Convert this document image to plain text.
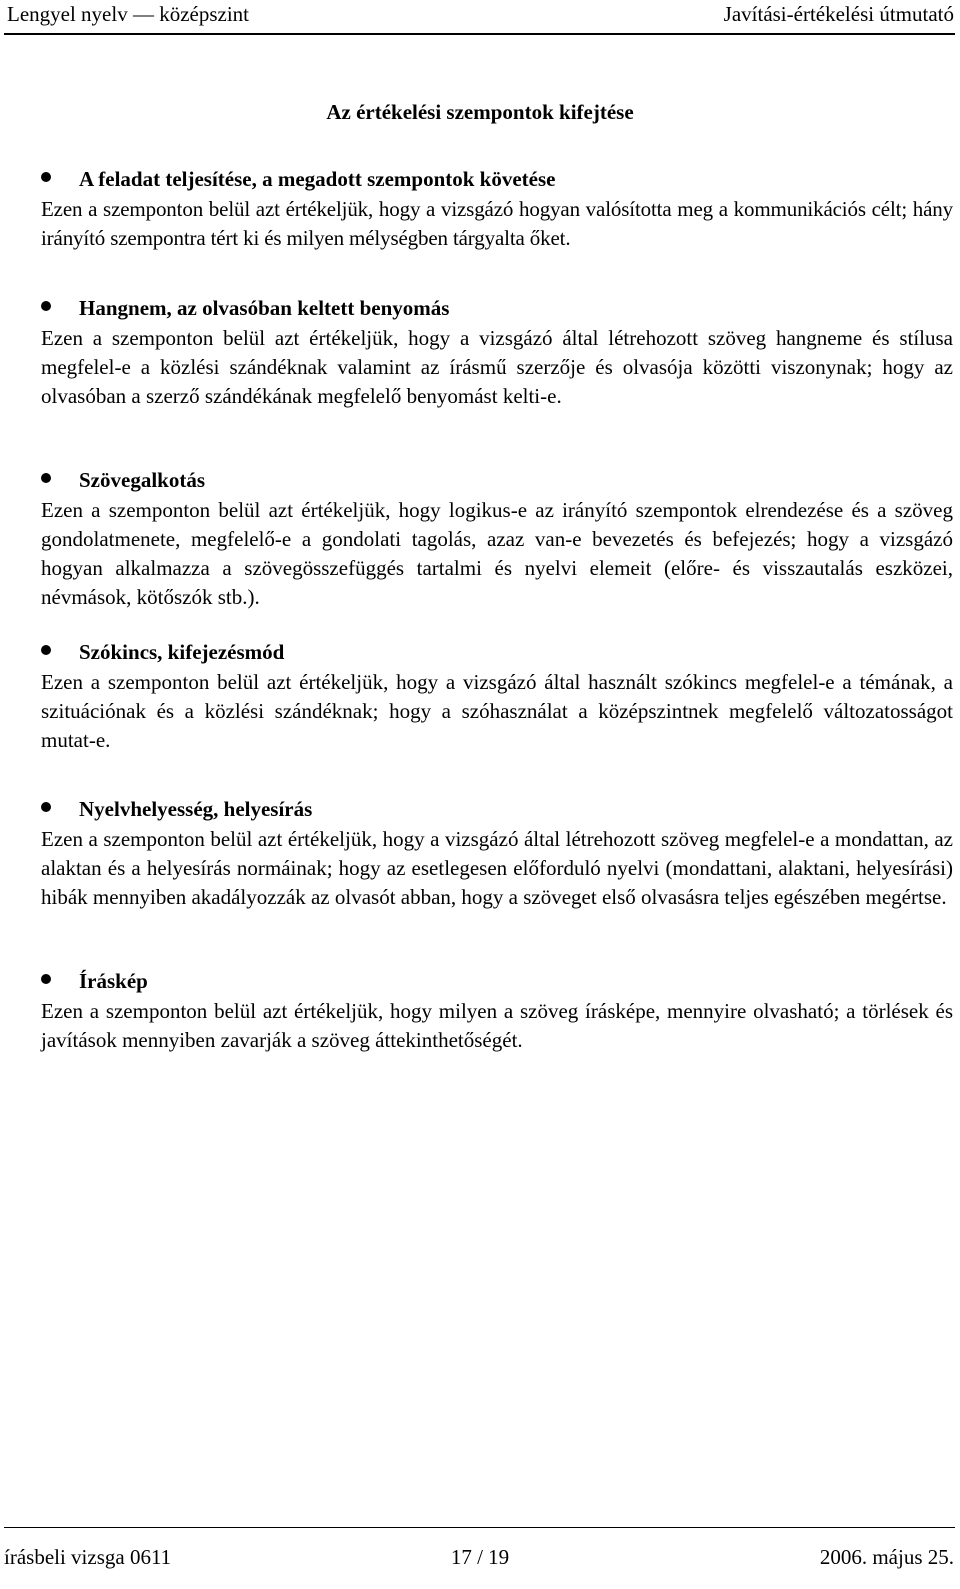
Lengyel nyelv — középszint	Javítási-értékelési útmutató
Az értékelési szempontok kifejtése
A feladat teljesítése, a megadott szempontok követése

Ezen a szemponton belül azt értékeljük, hogy a vizsgázó hogyan valósította meg a kommunikációs célt; hány irányító szempontra tért ki és milyen mélységben tárgyalta őket.

Hangnem, az olvasóban keltett benyomás

Ezen a szemponton belül azt értékeljük, hogy a vizsgázó által létrehozott szöveg hangneme és stílusa megfelel-e a közlési szándéknak valamint az írásmű szerzője és olvasója közötti viszonynak; hogy az olvasóban a szerző szándékának megfelelő benyomást kelti-e.

Szövegalkotás

Ezen a szemponton belül azt értékeljük, hogy logikus-e az irányító szempontok elrendezése és a szöveg gondolatmenete, megfelelő-e a gondolati tagolás, azaz van-e bevezetés és befejezés; hogy a vizsgázó hogyan alkalmazza a szövegösszefüggés tartalmi és nyelvi elemeit (előre- és visszautalás eszközei, névmások, kötőszók stb.).

Szókincs, kifejezésmód

Ezen a szemponton belül azt értékeljük, hogy a vizsgázó által használt szókincs megfelel-e a témának, a szituációnak és a közlési szándéknak; hogy a szóhasználat a középszintnek megfelelő változatosságot mutat-e.

Nyelvhelyesség, helyesírás

Ezen a szemponton belül azt értékeljük, hogy a vizsgázó által létrehozott szöveg megfelel-e a mondattan, az alaktan és a helyesírás normáinak; hogy az esetlegesen előforduló nyelvi (mondattani, alaktani, helyesírási) hibák mennyiben akadályozzák az olvasót abban, hogy a szöveget első olvasásra teljes egészében megértse.

Íráskép

Ezen a szemponton belül azt értékeljük, hogy milyen a szöveg írásképe, mennyire olvasható; a törlések és javítások mennyiben zavarják a szöveg áttekinthetőségét.

írásbeli vizsga 0611	17 / 19	2006. május 25.
